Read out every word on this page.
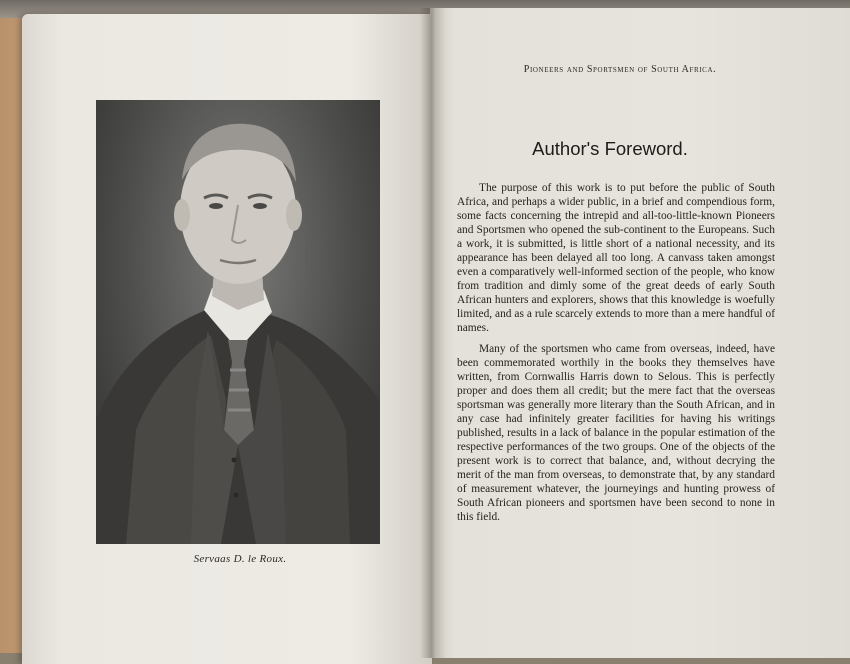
Servaas D. le Roux.
Pioneers and Sportsmen of South Africa.
Author's Foreword.

The purpose of this work is to put before the public of South Africa, and perhaps a wider public, in a brief and compendious form, some facts concerning the intrepid and all-too-little-known Pioneers and Sportsmen who opened the sub-continent to the Europeans. Such a work, it is submitted, is little short of a national necessity, and its appearance has been delayed all too long. A canvass taken amongst even a comparatively well-informed section of the people, who know from tradition and dimly some of the great deeds of early South African hunters and explorers, shows that this knowledge is woefully limited, and as a rule scarcely extends to more than a mere handful of names.

Many of the sportsmen who came from overseas, indeed, have been commemorated worthily in the books they themselves have written, from Cornwallis Harris down to Selous. This is perfectly proper and does them all credit; but the mere fact that the overseas sportsman was generally more literary than the South African, and in any case had infinitely greater facilities for having his writings published, results in a lack of balance in the popular estimation of the respective performances of the two groups. One of the objects of the present work is to correct that balance, and, without decrying the merit of the man from overseas, to demonstrate that, by any standard of measurement whatever, the journeyings and hunting prowess of South African pioneers and sportsmen have been second to none in this field.
